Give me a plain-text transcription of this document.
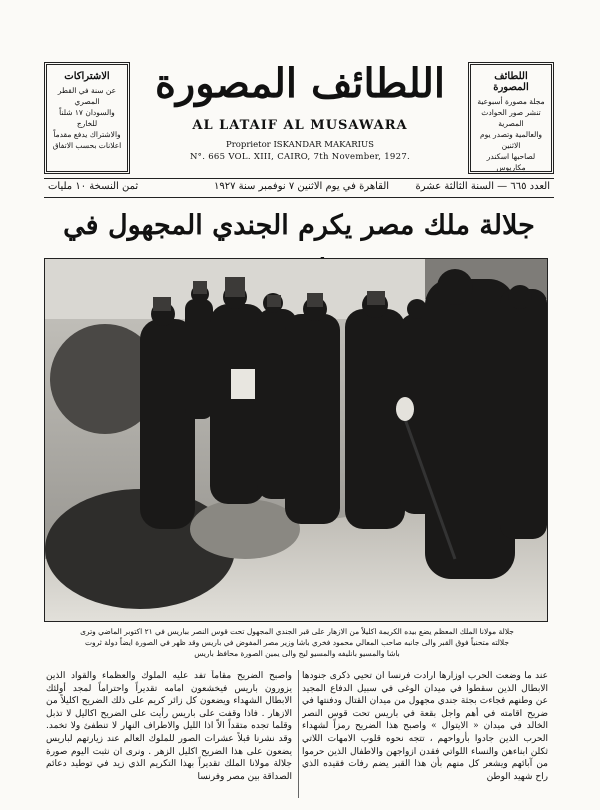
الاشتراكات
عن سنة في القطر المصري
والسودان ١٧ شلناً للخارج
والاشتراك يدفع مقدماً
اعلانات بحسب الاتفاق
اللطائف المصورة
AL LATAIF AL MUSAWARA
Proprietor ISKANDAR MAKARIUS
N°. 665 VOL. XIII, CAIRO, 7th November, 1927.
اللطائف المصورة
مجلة مصورة أسبوعية
تنشر صور الحوادث المصرية
والعالمية وتصدر يوم الاثنين
لصاحبها اسكندر مكاريوس
العدد ٦٦٥ — السنة الثالثة عشرة
القاهرة في يوم الاثنين ٧ نوفمبر سنة ١٩٢٧
ثمن النسخة ١٠ مليات
جلالة ملك مصر يكرم الجندي المجهول في
جلالة مولانا الملك المعظم يضع بيده الكريمة اكليلاً من الازهار على قبر الجندي المجهول تحت قوس النصر بباريس في ٢١ اكتوبر الماضي وترى
جلالته متحنياً فوق القبر والى جانبه صاحب المعالي محمود فخري باشا وزير مصر المفوض في باريس وقد ظهر في الصورة ايضاً دولة ثروت
باشا والمسيو بانليفه والمسيو ليج والى يمين الصورة محافظ باريس
عند ما وضعت الحرب اوزارها ارادت فرنسا ان تحيي ذكرى جنودها الابطال الذين سقطوا في ميدان الوغى في سبيل الدفاع المجيد عن وطنهم فجاءت بجثة جندي مجهول من ميدان القتال ودفنتها في ضريح اقامته في أهم واجل بقعة في باريس تحت قوس النصر الخالد في ميدان « الايتوال » واصبح هذا الضريح رمزاً لشهداء الحرب الذين جادوا بأرواحهم ، تتجه نحوه قلوب الامهات اللاتي ثكلن ابناءهن والنساء اللواتي فقدن ازواجهن والاطفال الذين حرموا من آبائهم ويشعر كل منهم بأن هذا القبر يضم رفات فقيده الذي راح شهيد الوطن
واصبح الضريح مقاماً تفد عليه الملوك والعظماء والقواد الذين يزورون باريس فيخشعون امامه تقديراً واحتراماً لمجد أولئك الابطال الشهداء ويضعون كل زائر كريم على ذلك الضريح اكليلاً من الازهار . فاذا وقفت على باريس رأيت على الضريح اكاليل لا تذبل وقلما تجده متقداً الاّ اذا الليل والاطراف النهار لا تنطفئ ولا تخمد. وقد نشرنا قبلاً عشرات الصور للملوك العالم عند زيارتهم لباريس يضعون على هذا الضريح اكليل الزهر . ونرى ان نثبت اليوم صورة جلالة مولانا الملك تقديراً بهذا التكريم الذي زيد في توطيد دعائم الصداقة بين مصر وفرنسا
